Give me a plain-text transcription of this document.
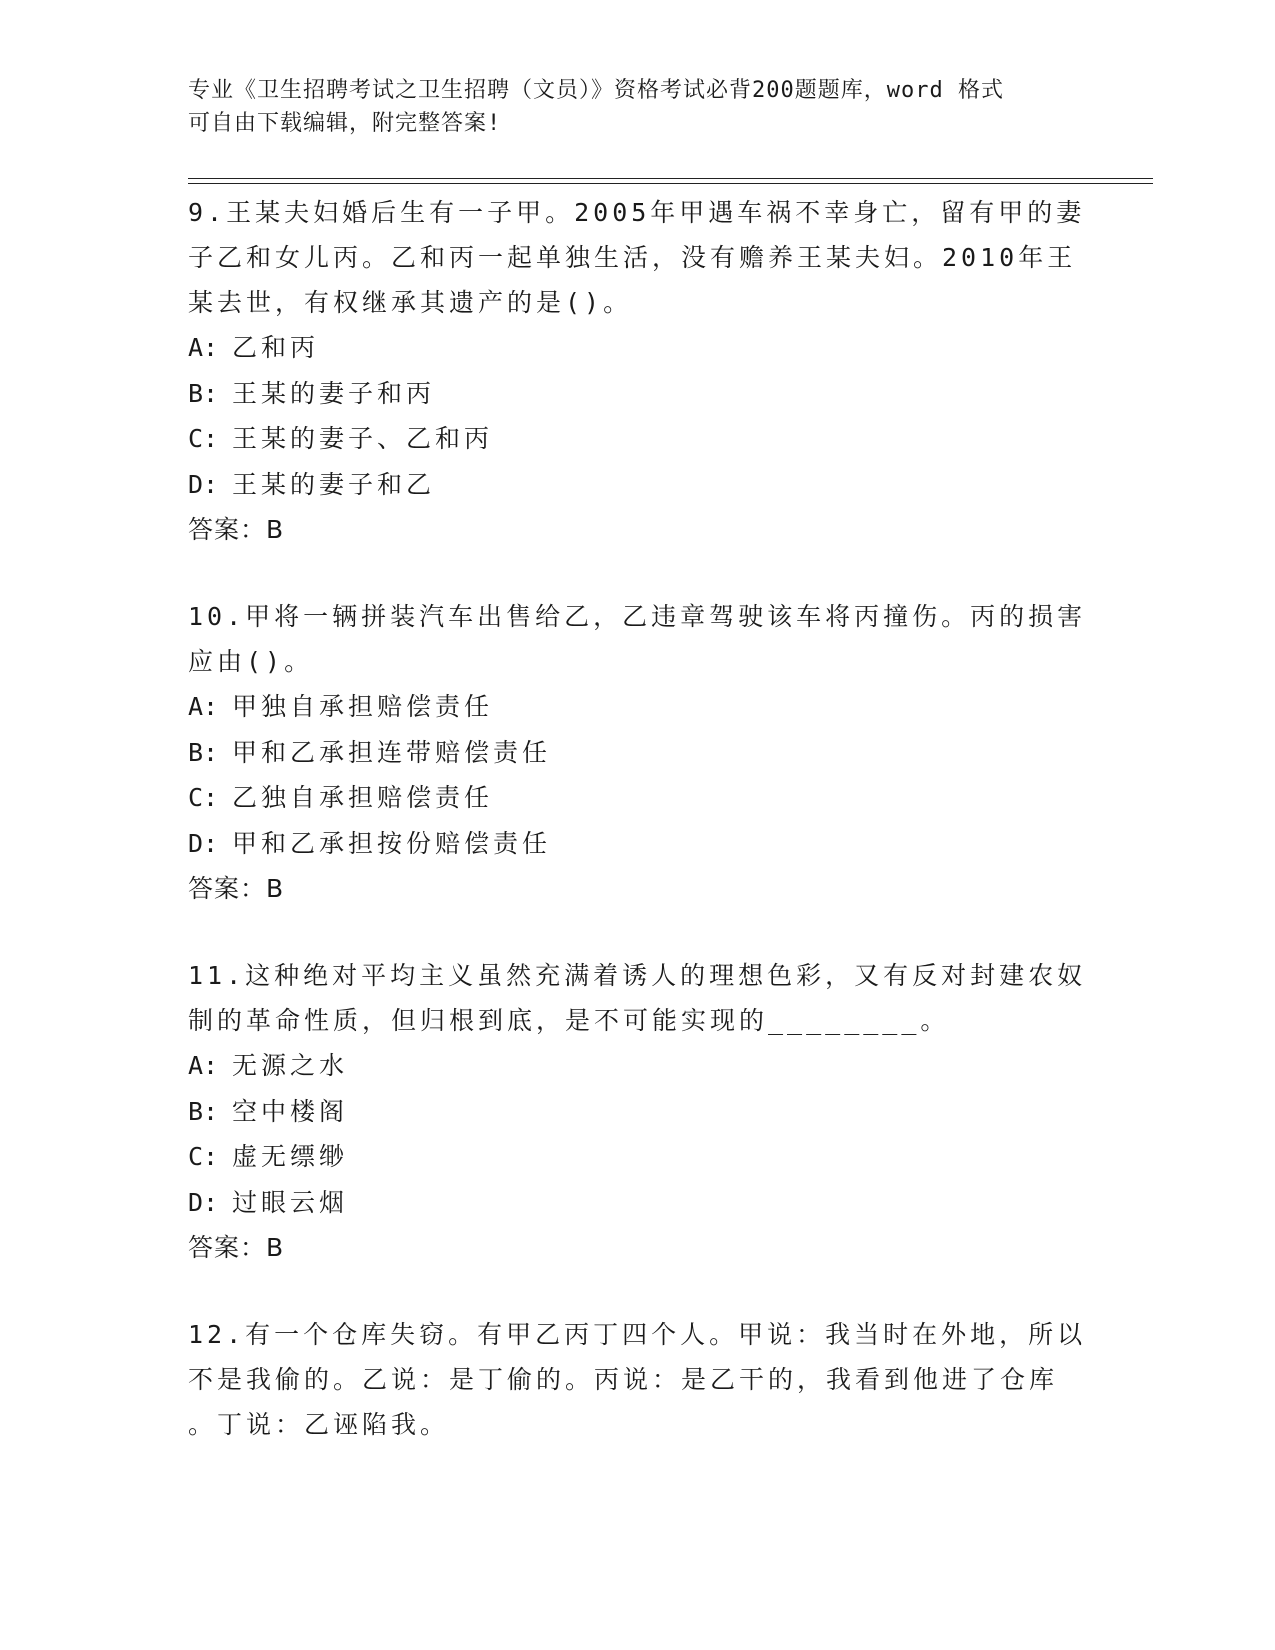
专业《卫生招聘考试之卫生招聘（文员）》资格考试必背200题题库，word 格式
可自由下载编辑，附完整答案!

9.王某夫妇婚后生有一子甲。2005年甲遇车祸不幸身亡，留有甲的妻

子乙和女儿丙。乙和丙一起单独生活，没有赡养王某夫妇。2010年王

某去世，有权继承其遗产的是()。

A: 乙和丙

B: 王某的妻子和丙

C: 王某的妻子、乙和丙

D: 王某的妻子和乙

答案：B

10.甲将一辆拼装汽车出售给乙，乙违章驾驶该车将丙撞伤。丙的损害

应由()。

A: 甲独自承担赔偿责任

B: 甲和乙承担连带赔偿责任

C: 乙独自承担赔偿责任

D: 甲和乙承担按份赔偿责任

答案：B

11.这种绝对平均主义虽然充满着诱人的理想色彩，又有反对封建农奴

制的革命性质，但归根到底，是不可能实现的________。

A: 无源之水

B: 空中楼阁

C: 虚无缥缈

D: 过眼云烟

答案：B

12.有一个仓库失窃。有甲乙丙丁四个人。甲说：我当时在外地，所以

不是我偷的。乙说：是丁偷的。丙说：是乙干的，我看到他进了仓库

。丁说：乙诬陷我。
